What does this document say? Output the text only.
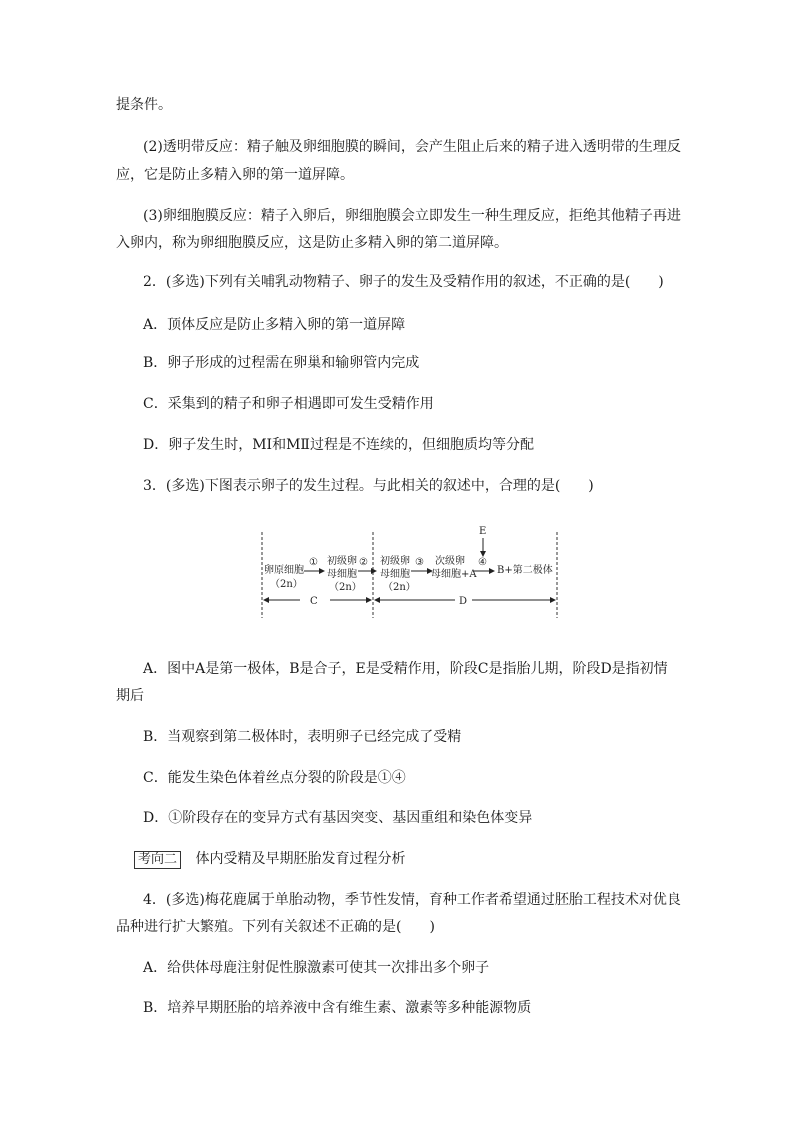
提条件。
(2)透明带反应：精子触及卵细胞膜的瞬间，会产生阻止后来的精子进入透明带的生理反
应，它是防止多精入卵的第一道屏障。
(3)卵细胞膜反应：精子入卵后，卵细胞膜会立即发生一种生理反应，拒绝其他精子再进
入卵内，称为卵细胞膜反应，这是防止多精入卵的第二道屏障。
2．(多选)下列有关哺乳动物精子、卵子的发生及受精作用的叙述，不正确的是(　　)
A．顶体反应是防止多精入卵的第一道屏障
B．卵子形成的过程需在卵巢和输卵管内完成
C．采集到的精子和卵子相遇即可发生受精作用
D．卵子发生时，MⅠ和MⅡ过程是不连续的，但细胞质均等分配
3．(多选)下图表示卵子的发生过程。与此相关的叙述中，合理的是(　　)
卵原细胞
（2n）
① 初级卵
母细胞
（2n）
② 初级卵
母细胞
（2n）
③ 次级卵
母细胞+A
E
④
B+第二极体
C	D
A．图中A是第一极体，B是合子，E是受精作用，阶段C是指胎儿期，阶段D是指初情
期后
B．当观察到第二极体时，表明卵子已经完成了受精
C．能发生染色体着丝点分裂的阶段是①④
D．①阶段存在的变异方式有基因突变、基因重组和染色体变异
考向二 体内受精及早期胚胎发育过程分析
4．(多选)梅花鹿属于单胎动物，季节性发情，育种工作者希望通过胚胎工程技术对优良
品种进行扩大繁殖。下列有关叙述不正确的是(　　)
A．给供体母鹿注射促性腺激素可使其一次排出多个卵子
B．培养早期胚胎的培养液中含有维生素、激素等多种能源物质
